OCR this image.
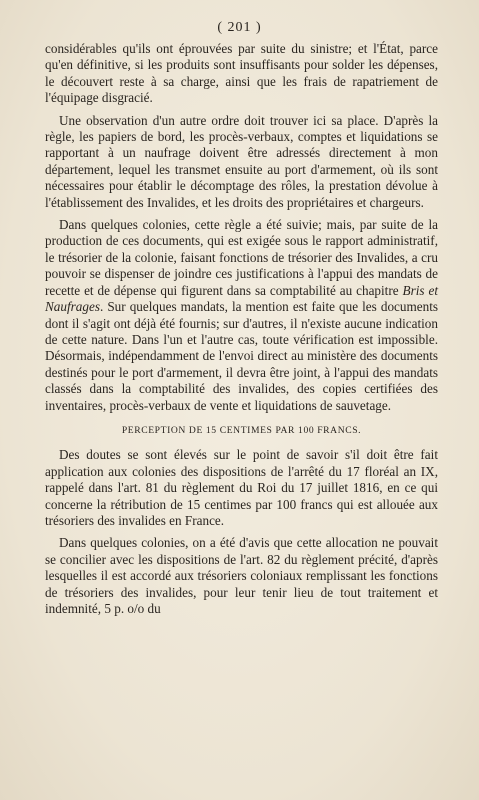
( 201 )

considérables qu'ils ont éprouvées par suite du sinistre; et l'État, parce qu'en définitive, si les produits sont insuffisants pour solder les dépenses, le découvert reste à sa charge, ainsi que les frais de rapatriement de l'équipage disgracié.

Une observation d'un autre ordre doit trouver ici sa place. D'après la règle, les papiers de bord, les procès-verbaux, comptes et liquidations se rapportant à un naufrage doivent être adressés directement à mon département, lequel les transmet ensuite au port d'armement, où ils sont nécessaires pour établir le décomptage des rôles, la prestation dévolue à l'établissement des Invalides, et les droits des propriétaires et chargeurs.

Dans quelques colonies, cette règle a été suivie; mais, par suite de la production de ces documents, qui est exigée sous le rapport administratif, le trésorier de la colonie, faisant fonctions de trésorier des Invalides, a cru pouvoir se dispenser de joindre ces justifications à l'appui des mandats de recette et de dépense qui figurent dans sa comptabilité au chapitre Bris et Naufrages. Sur quelques mandats, la mention est faite que les documents dont il s'agit ont déjà été fournis; sur d'autres, il n'existe aucune indication de cette nature. Dans l'un et l'autre cas, toute vérification est impossible. Désormais, indépendamment de l'envoi direct au ministère des documents destinés pour le port d'armement, il devra être joint, à l'appui des mandats classés dans la comptabilité des invalides, des copies certifiées des inventaires, procès-verbaux de vente et liquidations de sauvetage.

PERCEPTION DE 15 CENTIMES PAR 100 FRANCS.

Des doutes se sont élevés sur le point de savoir s'il doit être fait application aux colonies des dispositions de l'arrêté du 17 floréal an IX, rappelé dans l'art. 81 du règlement du Roi du 17 juillet 1816, en ce qui concerne la rétribution de 15 centimes par 100 francs qui est allouée aux trésoriers des invalides en France.

Dans quelques colonies, on a été d'avis que cette allocation ne pouvait se concilier avec les dispositions de l'art. 82 du règlement précité, d'après lesquelles il est accordé aux trésoriers coloniaux remplissant les fonctions de trésoriers des invalides, pour leur tenir lieu de tout traitement et indemnité, 5 p. o/o du
